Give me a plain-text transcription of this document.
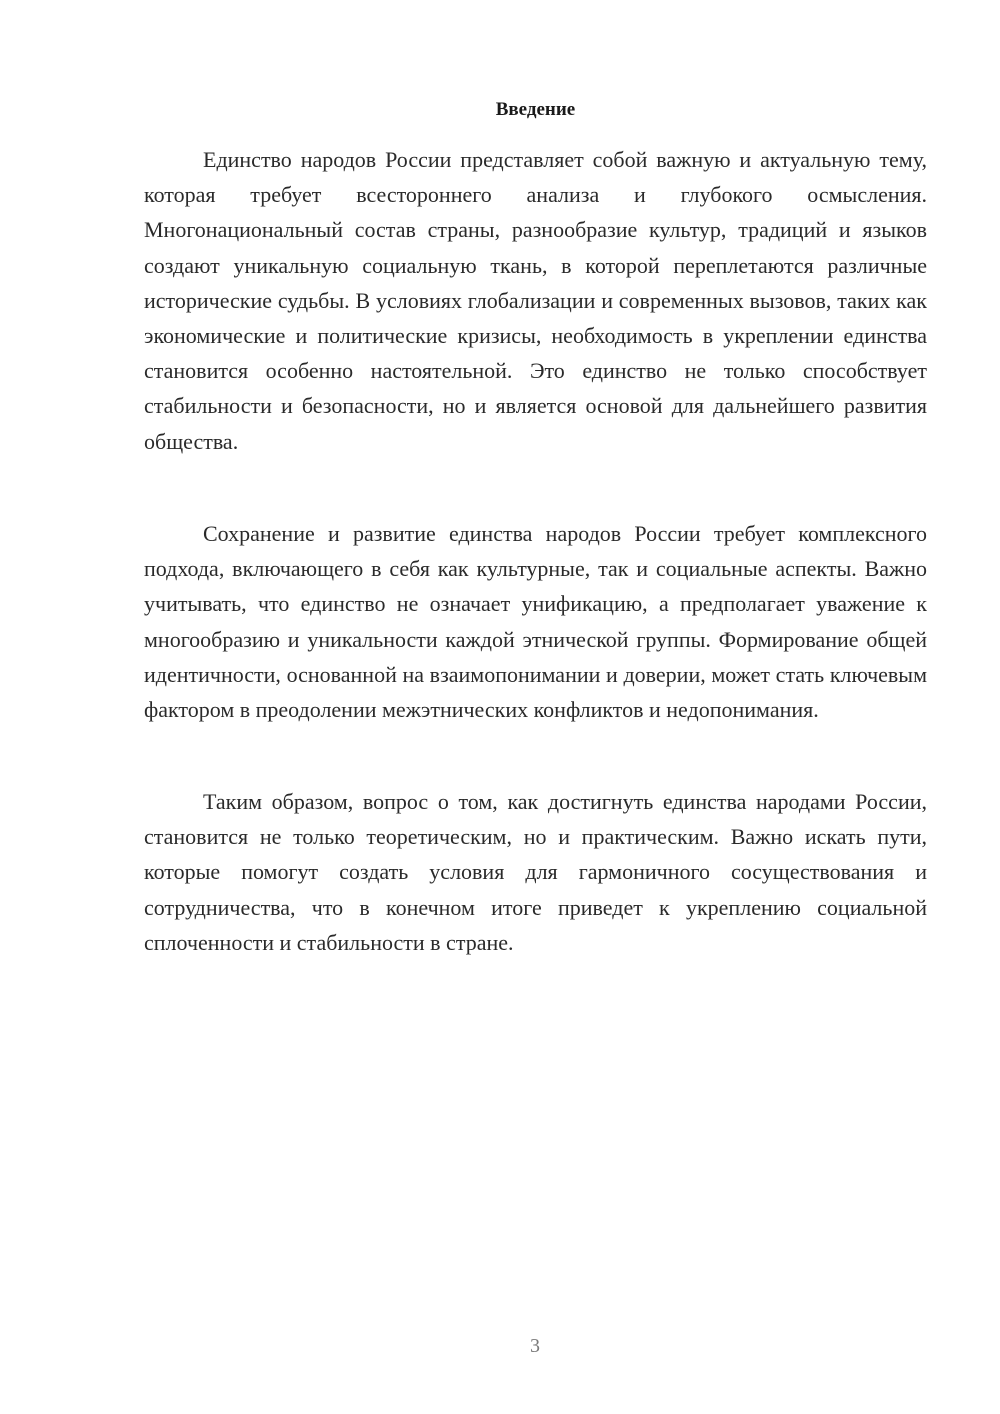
Введение

Единство народов России представляет собой важную и актуальную тему, которая требует всестороннего анализа и глубокого осмысления. Многонациональный состав страны, разнообразие культур, традиций и языков создают уникальную социальную ткань, в которой переплетаются различные исторические судьбы. В условиях глобализации и современных вызовов, таких как экономические и политические кризисы, необходимость в укреплении единства становится особенно настоятельной. Это единство не только способствует стабильности и безопасности, но и является основой для дальнейшего развития общества.

Сохранение и развитие единства народов России требует комплексного подхода, включающего в себя как культурные, так и социальные аспекты. Важно учитывать, что единство не означает унификацию, а предполагает уважение к многообразию и уникальности каждой этнической группы. Формирование общей идентичности, основанной на взаимопонимании и доверии, может стать ключевым фактором в преодолении межэтнических конфликтов и недопонимания.

Таким образом, вопрос о том, как достигнуть единства народами России, становится не только теоретическим, но и практическим. Важно искать пути, которые помогут создать условия для гармоничного сосуществования и сотрудничества, что в конечном итоге приведет к укреплению социальной сплоченности и стабильности в стране.

3
